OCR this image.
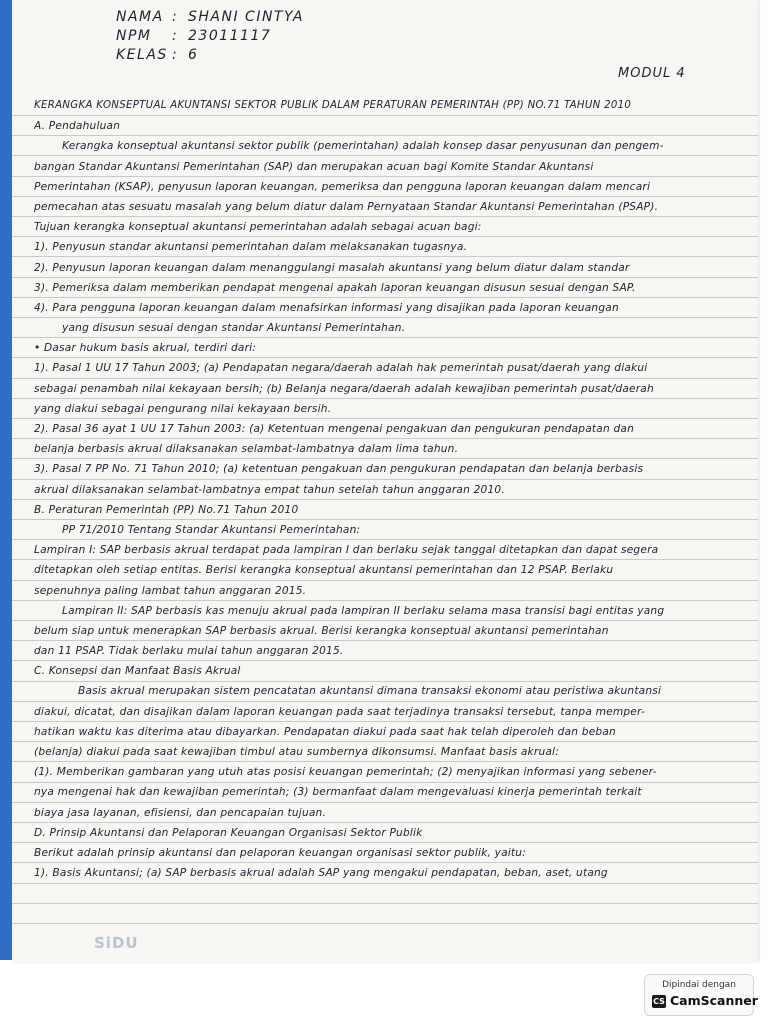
NAMA : SHANI CINTYA
NPM : 23011117
KELAS : 6
MODUL 4
KERANGKA KONSEPTUAL AKUNTANSI SEKTOR PUBLIK DALAM PERATURAN PEMERINTAH (PP) NO.71 TAHUN 2010
A. Pendahuluan
Kerangka konseptual akuntansi sektor publik (pemerintahan) adalah konsep dasar penyusunan dan pengem-
bangan Standar Akuntansi Pemerintahan (SAP) dan merupakan acuan bagi Komite Standar Akuntansi
Pemerintahan (KSAP), penyusun laporan keuangan, pemeriksa dan pengguna laporan keuangan dalam mencari
pemecahan atas sesuatu masalah yang belum diatur dalam Pernyataan Standar Akuntansi Pemerintahan (PSAP).
Tujuan kerangka konseptual akuntansi pemerintahan adalah sebagai acuan bagi:
1). Penyusun standar akuntansi pemerintahan dalam melaksanakan tugasnya.
2). Penyusun laporan keuangan dalam menanggulangi masalah akuntansi yang belum diatur dalam standar
3). Pemeriksa dalam memberikan pendapat mengenai apakah laporan keuangan disusun sesuai dengan SAP.
4). Para pengguna laporan keuangan dalam menafsirkan informasi yang disajikan pada laporan keuangan
yang disusun sesuai dengan standar Akuntansi Pemerintahan.
• Dasar hukum basis akrual, terdiri dari:
1). Pasal 1 UU 17 Tahun 2003; (a) Pendapatan negara/daerah adalah hak pemerintah pusat/daerah yang diakui
sebagai penambah nilai kekayaan bersih; (b) Belanja negara/daerah adalah kewajiban pemerintah pusat/daerah
yang diakui sebagai pengurang nilai kekayaan bersih.
2). Pasal 36 ayat 1 UU 17 Tahun 2003: (a) Ketentuan mengenai pengakuan dan pengukuran pendapatan dan
belanja berbasis akrual dilaksanakan selambat-lambatnya dalam lima tahun.
3). Pasal 7 PP No. 71 Tahun 2010; (a) ketentuan pengakuan dan pengukuran pendapatan dan belanja berbasis
akrual dilaksanakan selambat-lambatnya empat tahun setelah tahun anggaran 2010.
B. Peraturan Pemerintah (PP) No.71 Tahun 2010
PP 71/2010 Tentang Standar Akuntansi Pemerintahan:
Lampiran I: SAP berbasis akrual terdapat pada lampiran I dan berlaku sejak tanggal ditetapkan dan dapat segera
ditetapkan oleh setiap entitas. Berisi kerangka konseptual akuntansi pemerintahan dan 12 PSAP. Berlaku
sepenuhnya paling lambat tahun anggaran 2015.
Lampiran II: SAP berbasis kas menuju akrual pada lampiran II berlaku selama masa transisi bagi entitas yang
belum siap untuk menerapkan SAP berbasis akrual. Berisi kerangka konseptual akuntansi pemerintahan
dan 11 PSAP. Tidak berlaku mulai tahun anggaran 2015.
C. Konsepsi dan Manfaat Basis Akrual
Basis akrual merupakan sistem pencatatan akuntansi dimana transaksi ekonomi atau peristiwa akuntansi
diakui, dicatat, dan disajikan dalam laporan keuangan pada saat terjadinya transaksi tersebut, tanpa memper-
hatikan waktu kas diterima atau dibayarkan. Pendapatan diakui pada saat hak telah diperoleh dan beban
(belanja) diakui pada saat kewajiban timbul atau sumbernya dikonsumsi. Manfaat basis akrual:
(1). Memberikan gambaran yang utuh atas posisi keuangan pemerintah; (2) menyajikan informasi yang sebener-
nya mengenai hak dan kewajiban pemerintah; (3) bermanfaat dalam mengevaluasi kinerja pemerintah terkait
biaya jasa layanan, efisiensi, dan pencapaian tujuan.
D. Prinsip Akuntansi dan Pelaporan Keuangan Organisasi Sektor Publik
Berikut adalah prinsip akuntansi dan pelaporan keuangan organisasi sektor publik, yaitu:
1). Basis Akuntansi; (a) SAP berbasis akrual adalah SAP yang mengakui pendapatan, beban, aset, utang
SiDU
Dipindai dengan
CS CamScanner
